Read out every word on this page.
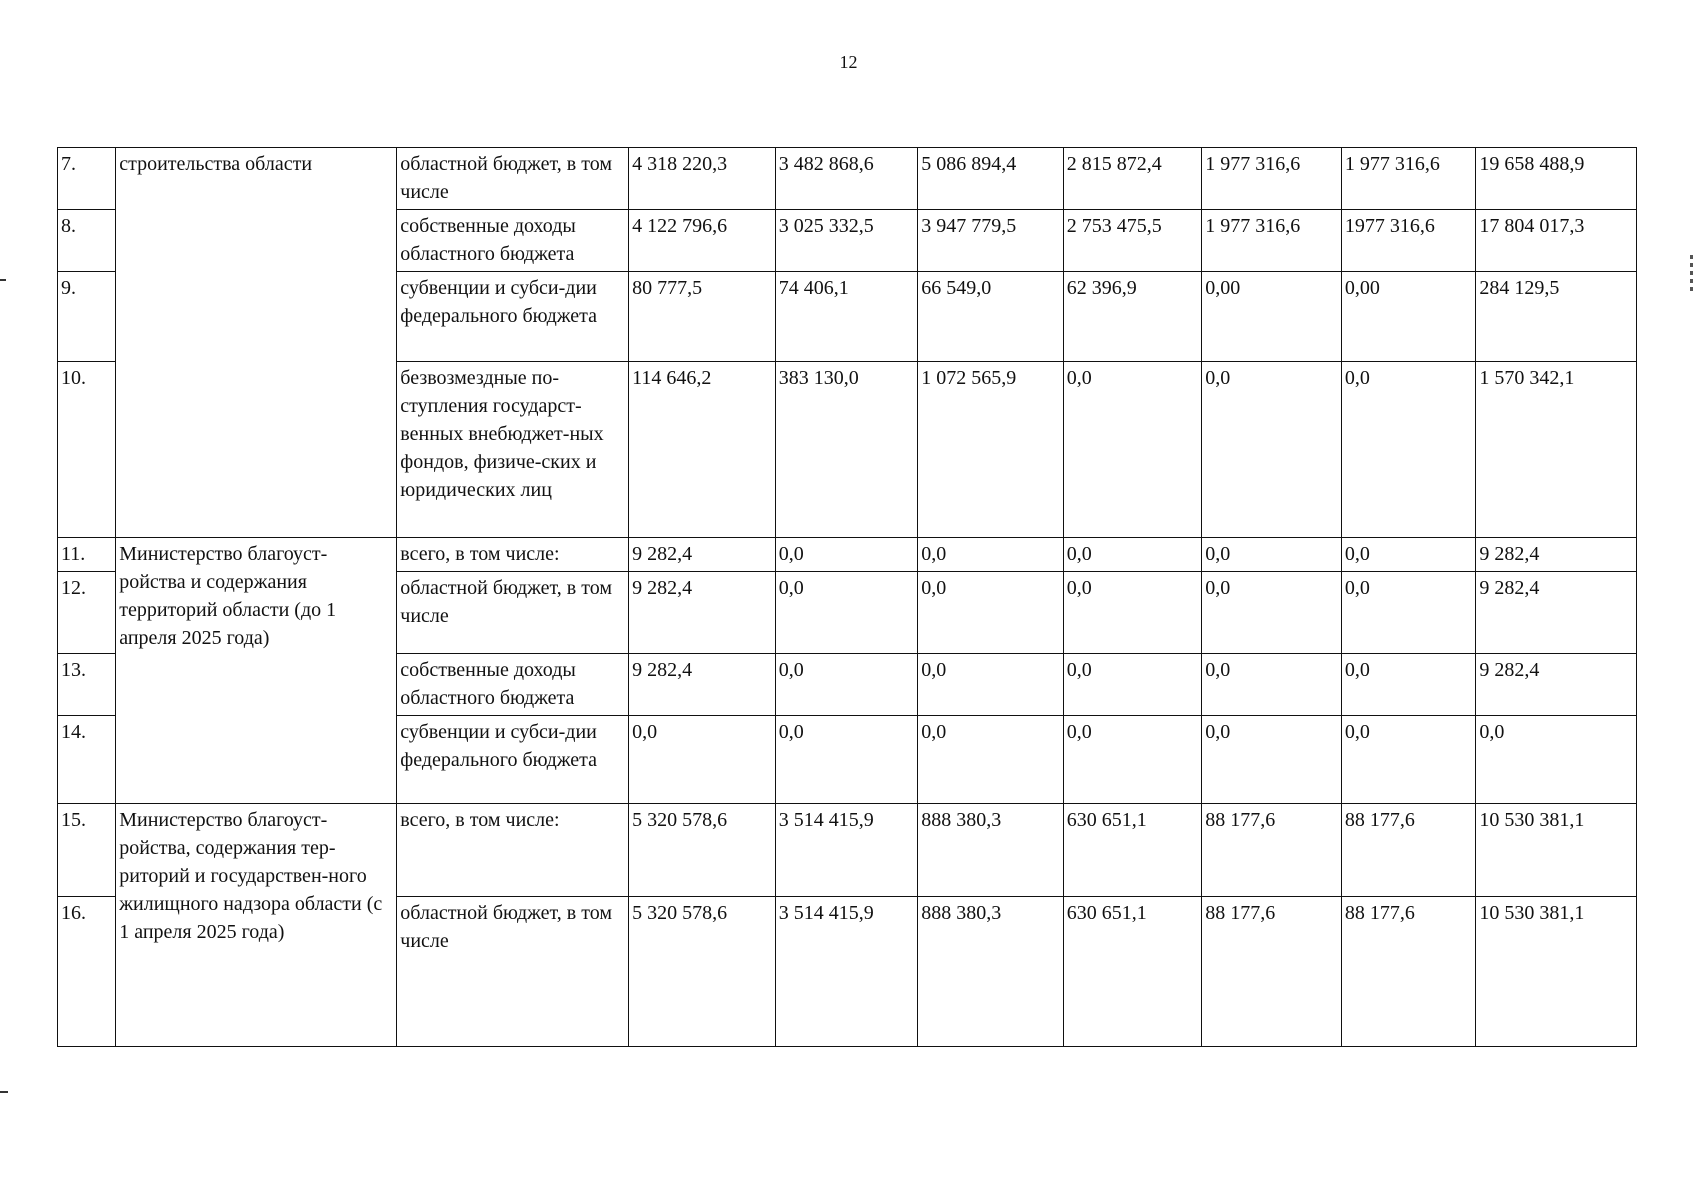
12
7.	строительства области	областной бюджет, в том числе	4 318 220,3	3 482 868,6	5 086 894,4	2 815 872,4	1 977 316,6	1 977 316,6	19 658 488,9
8.		собственные доходы областного бюджета	4 122 796,6	3 025 332,5	3 947 779,5	2 753 475,5	1 977 316,6	1977 316,6	17 804 017,3
9.		субвенции и субси-дии федерального бюджета	80 777,5	74 406,1	66 549,0	62 396,9	0,00	0,00	284 129,5
10.		безвозмездные по-ступления государст-венных внебюджет-ных фондов, физиче-ских и юридических лиц	114 646,2	383 130,0	1 072 565,9	0,0	0,0	0,0	1 570 342,1
11.	Министерство благоуст-ройства и содержания территорий области (до 1 апреля 2025 года)	всего, в том числе:	9 282,4	0,0	0,0	0,0	0,0	0,0	9 282,4
12.		областной бюджет, в том числе	9 282,4	0,0	0,0	0,0	0,0	0,0	9 282,4
13.		собственные доходы областного бюджета	9 282,4	0,0	0,0	0,0	0,0	0,0	9 282,4
14.		субвенции и субси-дии федерального бюджета	0,0	0,0	0,0	0,0	0,0	0,0	0,0
15.	Министерство благоуст-ройства, содержания тер-риторий и государствен-ного жилищного надзора области (с 1 апреля 2025 года)	всего, в том числе:	5 320 578,6	3 514 415,9	888 380,3	630 651,1	88 177,6	88 177,6	10 530 381,1
16.		областной бюджет, в том числе	5 320 578,6	3 514 415,9	888 380,3	630 651,1	88 177,6	88 177,6	10 530 381,1
